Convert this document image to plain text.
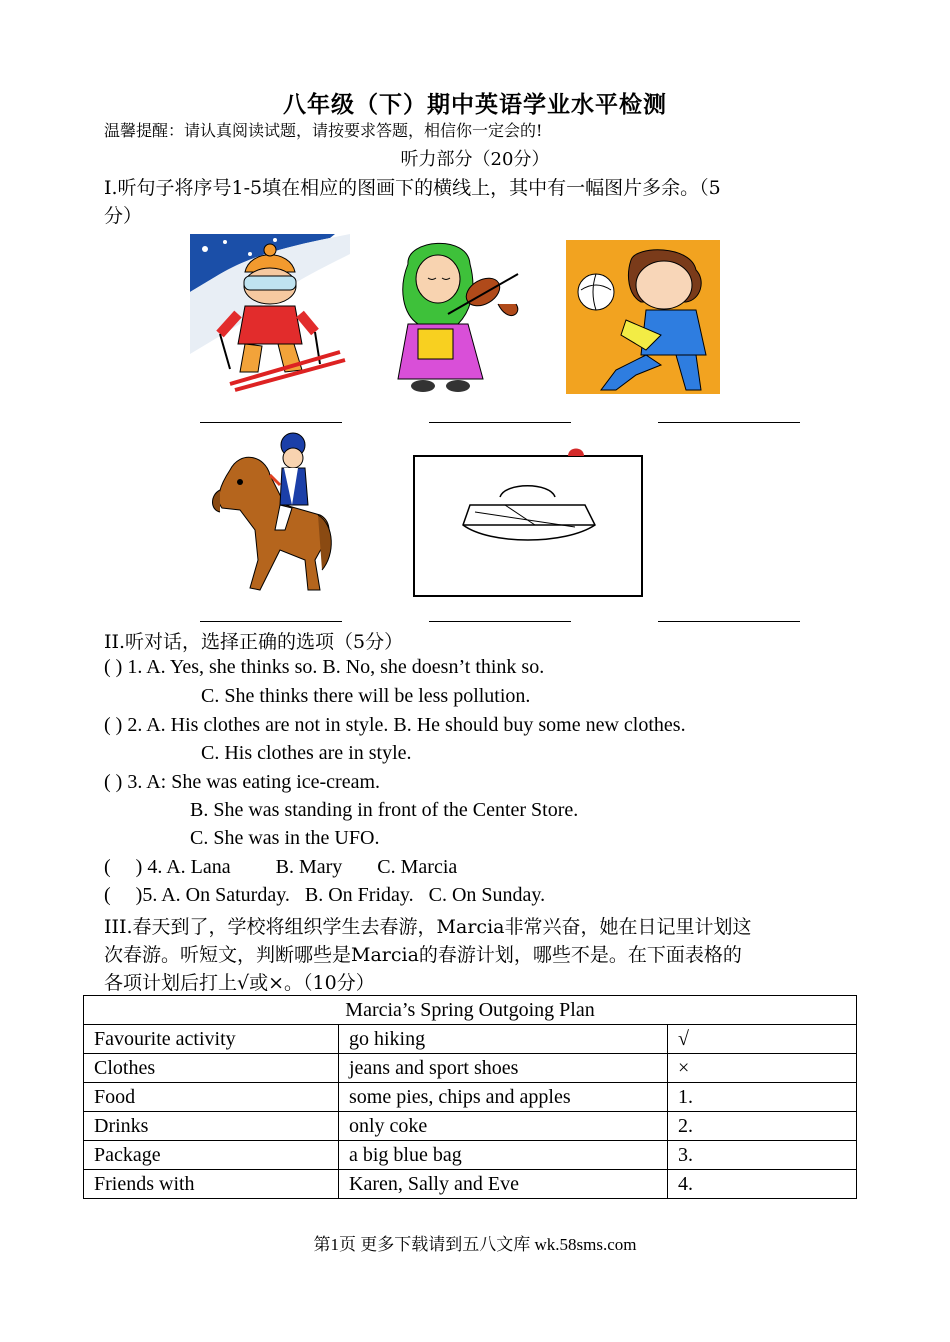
八年级（下）期中英语学业水平检测
温馨提醒：请认真阅读试题，请按要求答题，相信你一定会的!
听力部分（20分）
I.听句子将序号1-5填在相应的图画下的横线上，其中有一幅图片多余。（5
分）
II.听对话，选择正确的选项（5分）
( ) 1. A. Yes, she thinks so. B. No, she doesn’t think so.
C. She thinks there will be less pollution.
( ) 2. A. His clothes are not in style. B. He should buy some new clothes.
C. His clothes are in style.
( ) 3. A: She was eating ice-cream.
B. She was standing in front of the Center Store.
C. She was in the UFO.
(     ) 4. A. Lana         B. Mary       C. Marcia
(     )5. A. On Saturday.   B. On Friday.   C. On Sunday.
III.春天到了，学校将组织学生去春游，Marcia非常兴奋，她在日记里计划这
次春游。听短文，判断哪些是Marcia的春游计划，哪些不是。在下面表格的
各项计划后打上√或×。（10分）
Marcia’s Spring Outgoing Plan		
Favourite activity	go hiking	√
Clothes	jeans and sport shoes	×
Food	some pies, chips and apples	1.
Drinks	only coke	2.
Package	a big blue bag	3.
Friends with	Karen, Sally and Eve	4.
第1页 更多下载请到五八文库 wk.58sms.com
